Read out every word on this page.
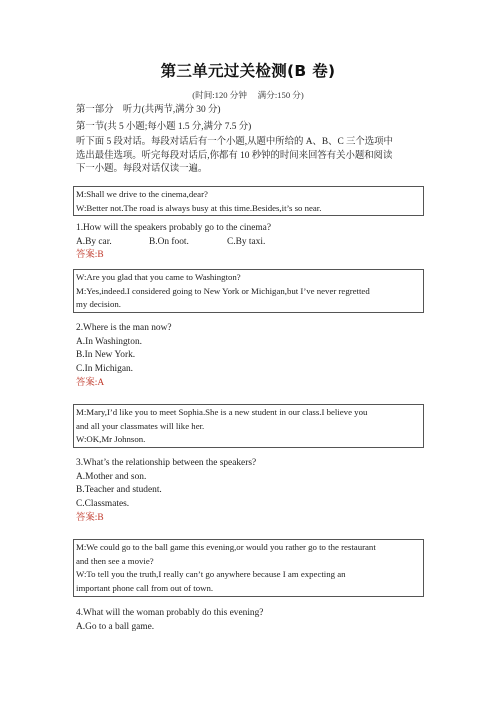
第三单元过关检测(B 卷)
(时间:120 分钟　 满分:150 分)
第一部分　听力(共两节,满分 30 分)
第一节(共 5 小题;每小题 1.5 分,满分 7.5 分)
听下面 5 段对话。每段对话后有一个小题,从题中所给的 A、B、C 三个选项中
选出最佳选项。听完每段对话后,你都有 10 秒钟的时间来回答有关小题和阅读
下一小题。每段对话仅读一遍。
M:Shall we drive to the cinema,dear?
W:Better not.The road is always busy at this time.Besides,it’s so near.
1.How will the speakers probably go to the cinema?
A.By car.	B.On foot.	C.By taxi.
答案:B
W:Are you glad that you came to Washington?
M:Yes,indeed.I considered going to New York or Michigan,but I’ve never regretted
my decision.
2.Where is the man now?
A.In Washington.
B.In New York.
C.In Michigan.
答案:A
M:Mary,I’d like you to meet Sophia.She is a new student in our class.I believe you
and all your classmates will like her.
W:OK,Mr Johnson.
3.What’s the relationship between the speakers?
A.Mother and son.
B.Teacher and student.
C.Classmates.
答案:B
M:We could go to the ball game this evening,or would you rather go to the restaurant
and then see a movie?
W:To tell you the truth,I really can’t go anywhere because I am expecting an
important phone call from out of town.
4.What will the woman probably do this evening?
A.Go to a ball game.
